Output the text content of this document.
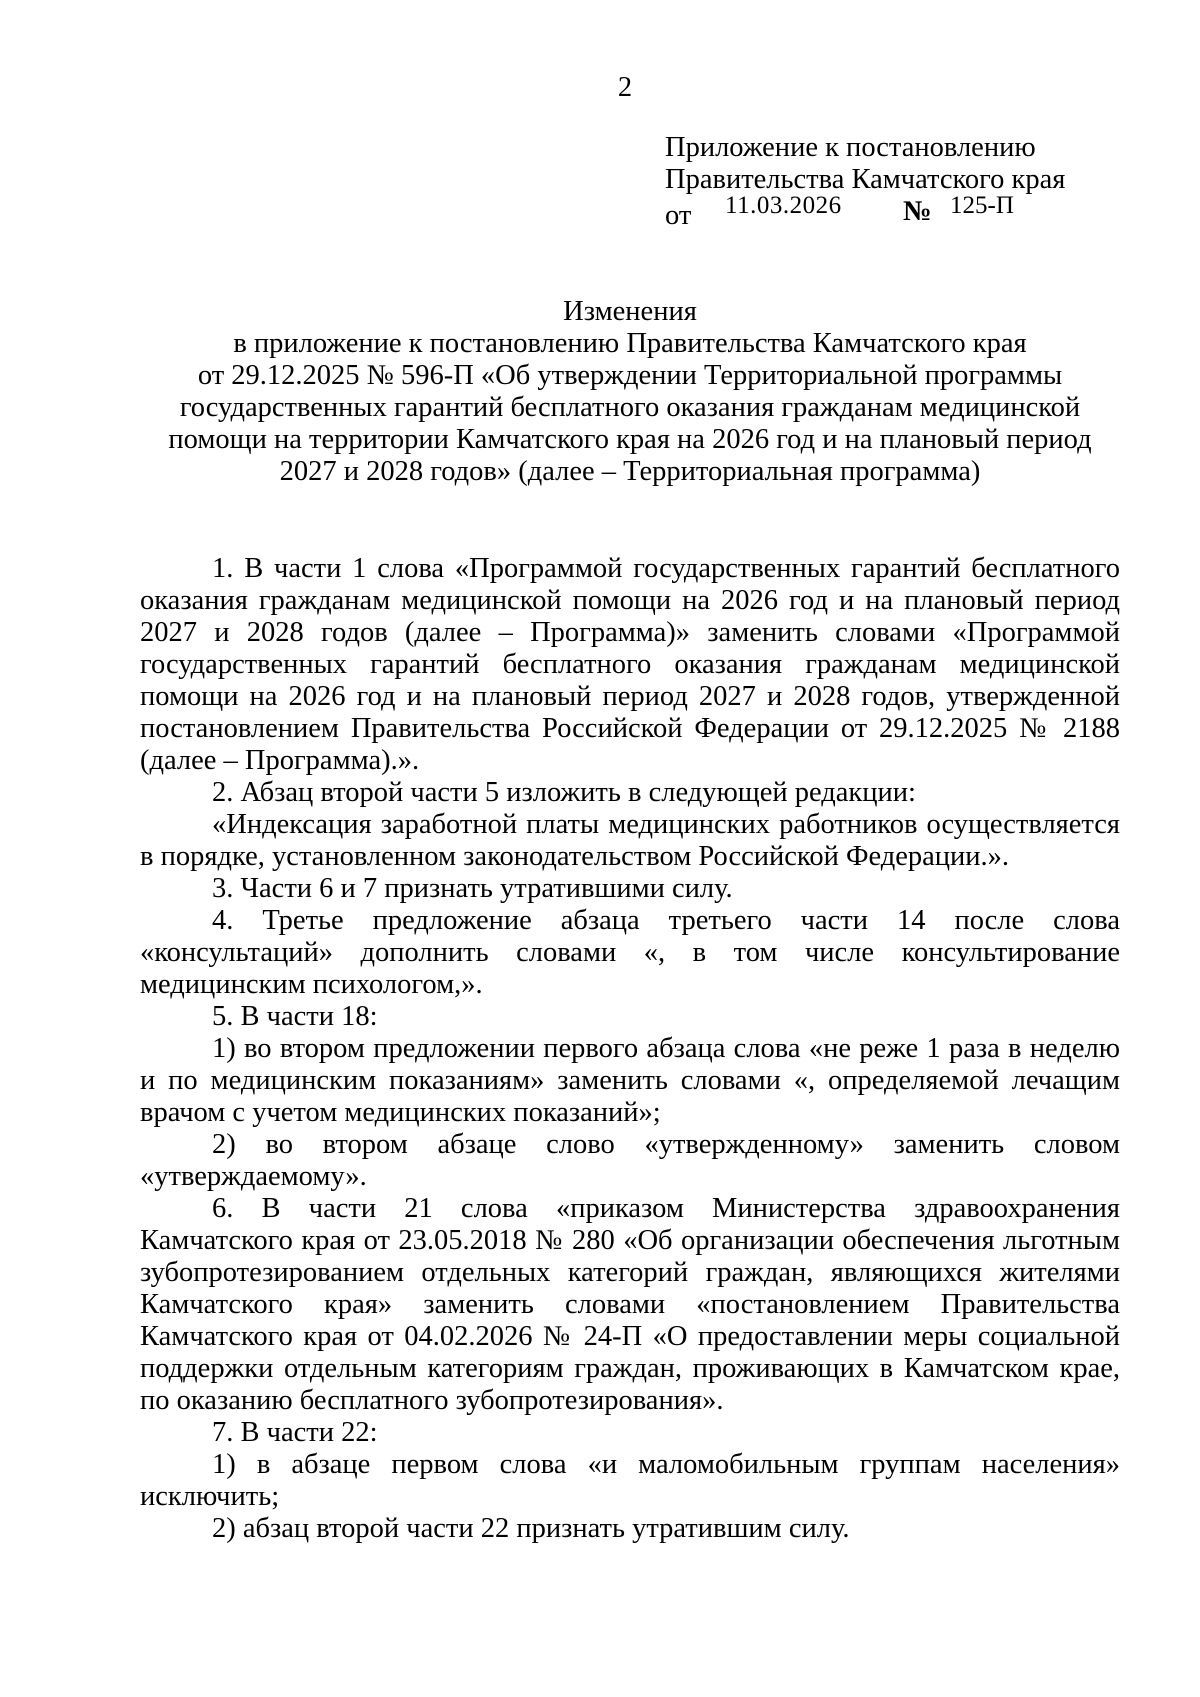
2
Приложение к постановлению
Правительства Камчатского края
от 11.03.2026 № 125-П
Изменения
в приложение к постановлению Правительства Камчатского края
от 29.12.2025 № 596-П «Об утверждении Территориальной программы
государственных гарантий бесплатного оказания гражданам медицинской
помощи на территории Камчатского края на 2026 год и на плановый период
2027 и 2028 годов» (далее – Территориальная программа)

1. В части 1 слова «Программой государственных гарантий бесплатного оказания гражданам медицинской помощи на 2026 год и на плановый период 2027 и 2028 годов (далее – Программа)» заменить словами «Программой государственных гарантий бесплатного оказания гражданам медицинской помощи на 2026 год и на плановый период 2027 и 2028 годов, утвержденной постановлением Правительства Российской Федерации от 29.12.2025 № 2188 (далее – Программа).».

2. Абзац второй части 5 изложить в следующей редакции:

«Индексация заработной платы медицинских работников осуществляется в порядке, установленном законодательством Российской Федерации.».

3. Части 6 и 7 признать утратившими силу.

4. Третье предложение абзаца третьего части 14 после слова «консультаций» дополнить словами «, в том числе консультирование медицинским психологом,».

5. В части 18:

1) во втором предложении первого абзаца слова «не реже 1 раза в неделю и по медицинским показаниям» заменить словами «, определяемой лечащим врачом с учетом медицинских показаний»;

2) во втором абзаце слово «утвержденному» заменить словом «утверждаемому».

6. В части 21 слова «приказом Министерства здравоохранения Камчатского края от 23.05.2018 № 280 «Об организации обеспечения льготным зубопротезированием отдельных категорий граждан, являющихся жителями Камчатского края» заменить словами «постановлением Правительства Камчатского края от 04.02.2026 № 24-П «О предоставлении меры социальной поддержки отдельным категориям граждан, проживающих в Камчатском крае, по оказанию бесплатного зубопротезирования».

7. В части 22:

1) в абзаце первом слова «и маломобильным группам населения» исключить;

2) абзац второй части 22 признать утратившим силу.
